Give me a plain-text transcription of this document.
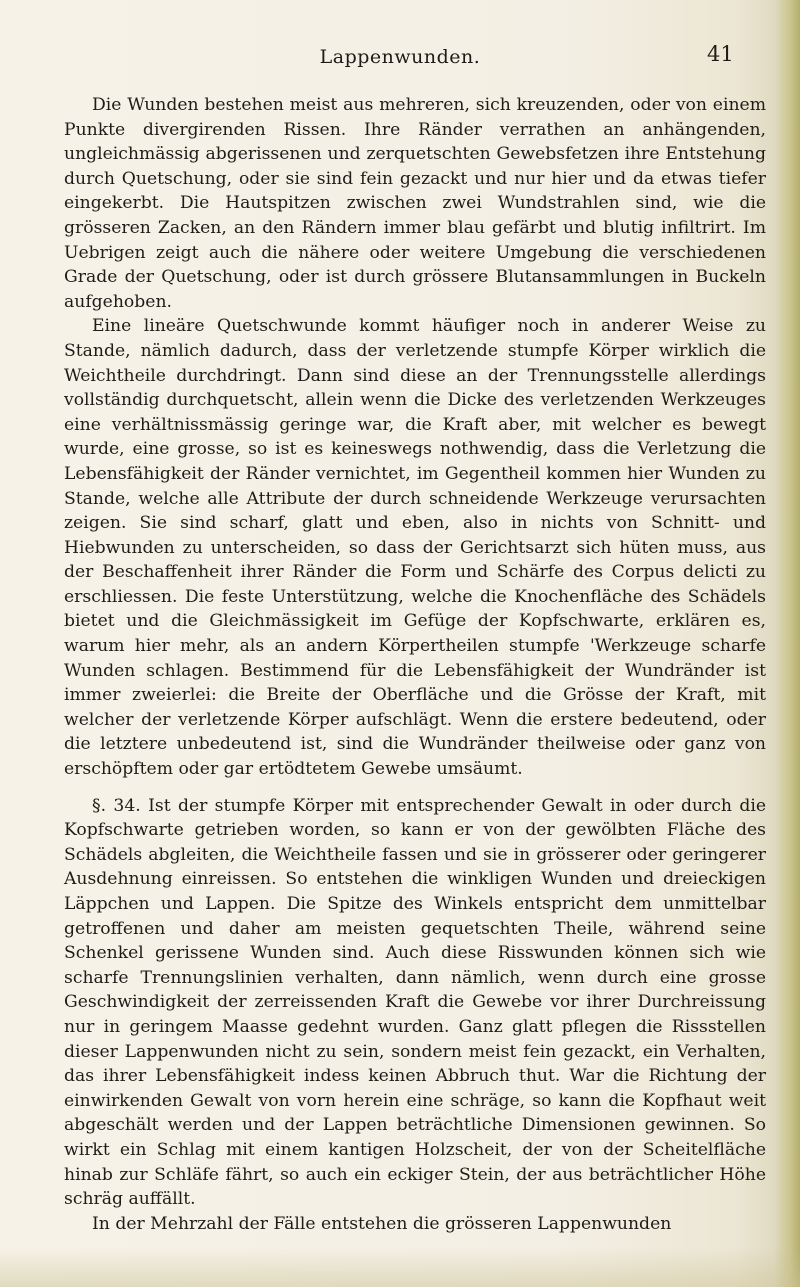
Lappenwunden.	41

Die Wunden bestehen meist aus mehreren, sich kreuzenden, oder von einem Punkte divergirenden Rissen. Ihre Ränder verrathen an anhängenden, ungleichmässig abgerissenen und zerquetschten Gewebsfetzen ihre Entstehung durch Quetschung, oder sie sind fein gezackt und nur hier und da etwas tiefer eingekerbt. Die Hautspitzen zwischen zwei Wundstrahlen sind, wie die grösseren Zacken, an den Rändern immer blau gefärbt und blutig infiltrirt. Im Uebrigen zeigt auch die nähere oder weitere Umgebung die verschiedenen Grade der Quetschung, oder ist durch grössere Blutansammlungen in Buckeln aufgehoben.

Eine lineäre Quetschwunde kommt häufiger noch in anderer Weise zu Stande, nämlich dadurch, dass der verletzende stumpfe Körper wirklich die Weichtheile durchdringt. Dann sind diese an der Trennungsstelle allerdings vollständig durchquetscht, allein wenn die Dicke des verletzenden Werkzeuges eine verhältnissmässig geringe war, die Kraft aber, mit welcher es bewegt wurde, eine grosse, so ist es keineswegs nothwendig, dass die Verletzung die Lebensfähigkeit der Ränder vernichtet, im Gegentheil kommen hier Wunden zu Stande, welche alle Attribute der durch schneidende Werkzeuge verursachten zeigen. Sie sind scharf, glatt und eben, also in nichts von Schnitt- und Hiebwunden zu unterscheiden, so dass der Gerichtsarzt sich hüten muss, aus der Beschaffenheit ihrer Ränder die Form und Schärfe des Corpus delicti zu erschliessen. Die feste Unterstützung, welche die Knochenfläche des Schädels bietet und die Gleichmässigkeit im Gefüge der Kopfschwarte, erklären es, warum hier mehr, als an andern Körpertheilen stumpfe 'Werkzeuge scharfe Wunden schlagen. Bestimmend für die Lebensfähigkeit der Wundränder ist immer zweierlei: die Breite der Oberfläche und die Grösse der Kraft, mit welcher der verletzende Körper aufschlägt. Wenn die erstere bedeutend, oder die letztere unbedeutend ist, sind die Wundränder theilweise oder ganz von erschöpftem oder gar ertödtetem Gewebe umsäumt.

§. 34. Ist der stumpfe Körper mit entsprechender Gewalt in oder durch die Kopfschwarte getrieben worden, so kann er von der gewölbten Fläche des Schädels abgleiten, die Weichtheile fassen und sie in grösserer oder geringerer Ausdehnung einreissen. So entstehen die winkligen Wunden und dreieckigen Läppchen und Lappen. Die Spitze des Winkels entspricht dem unmittelbar getroffenen und daher am meisten gequetschten Theile, während seine Schenkel gerissene Wunden sind. Auch diese Risswunden können sich wie scharfe Trennungslinien verhalten, dann nämlich, wenn durch eine grosse Geschwindigkeit der zerreissenden Kraft die Gewebe vor ihrer Durchreissung nur in geringem Maasse gedehnt wurden. Ganz glatt pflegen die Rissstellen dieser Lappenwunden nicht zu sein, sondern meist fein gezackt, ein Verhalten, das ihrer Lebensfähigkeit indess keinen Abbruch thut. War die Richtung der einwirkenden Gewalt von vorn herein eine schräge, so kann die Kopfhaut weit abgeschält werden und der Lappen beträchtliche Dimensionen gewinnen. So wirkt ein Schlag mit einem kantigen Holzscheit, der von der Scheitelfläche hinab zur Schläfe fährt, so auch ein eckiger Stein, der aus beträchtlicher Höhe schräg auffällt.

In der Mehrzahl der Fälle entstehen die grösseren Lappenwunden
